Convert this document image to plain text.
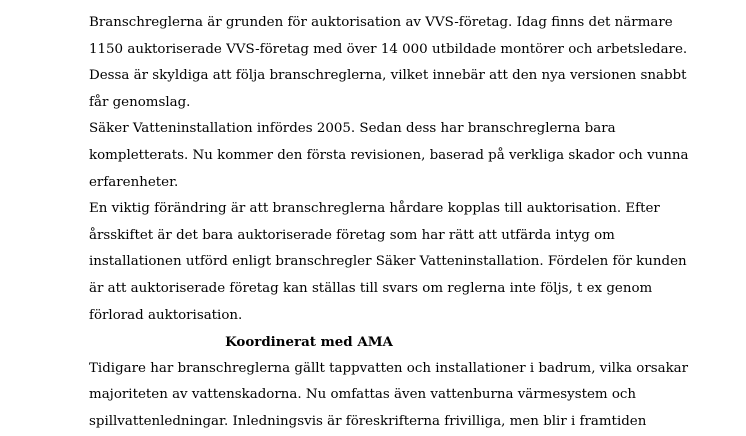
Branschreglerna är grunden för auktorisation av VVS-företag. Idag finns det närmare
1150 auktoriserade VVS-företag med över 14 000 utbildade montörer och arbetsledare.
Dessa är skyldiga att följa branschreglerna, vilket innebär att den nya versionen snabbt
får genomslag.
Säker Vatteninstallation infördes 2005. Sedan dess har branschreglerna bara
kompletterats. Nu kommer den första revisionen, baserad på verkliga skador och vunna
erfarenheter.
En viktig förändring är att branschreglerna hårdare kopplas till auktorisation. Efter
årsskiftet är det bara auktoriserade företag som har rätt att utfärda intyg om
installationen utförd enligt branschregler Säker Vatteninstallation. Fördelen för kunden
är att auktoriserade företag kan ställas till svars om reglerna inte följs, t ex genom
förlorad auktorisation.
Koordinerat med AMA
Tidigare har branschreglerna gällt tappvatten och installationer i badrum, vilka orsakar
majoriteten av vattenskadorna. Nu omfattas även vattenburna värmesystem och
spillvattenledningar. Inledningsvis är föreskrifterna frivilliga, men blir i framtiden
